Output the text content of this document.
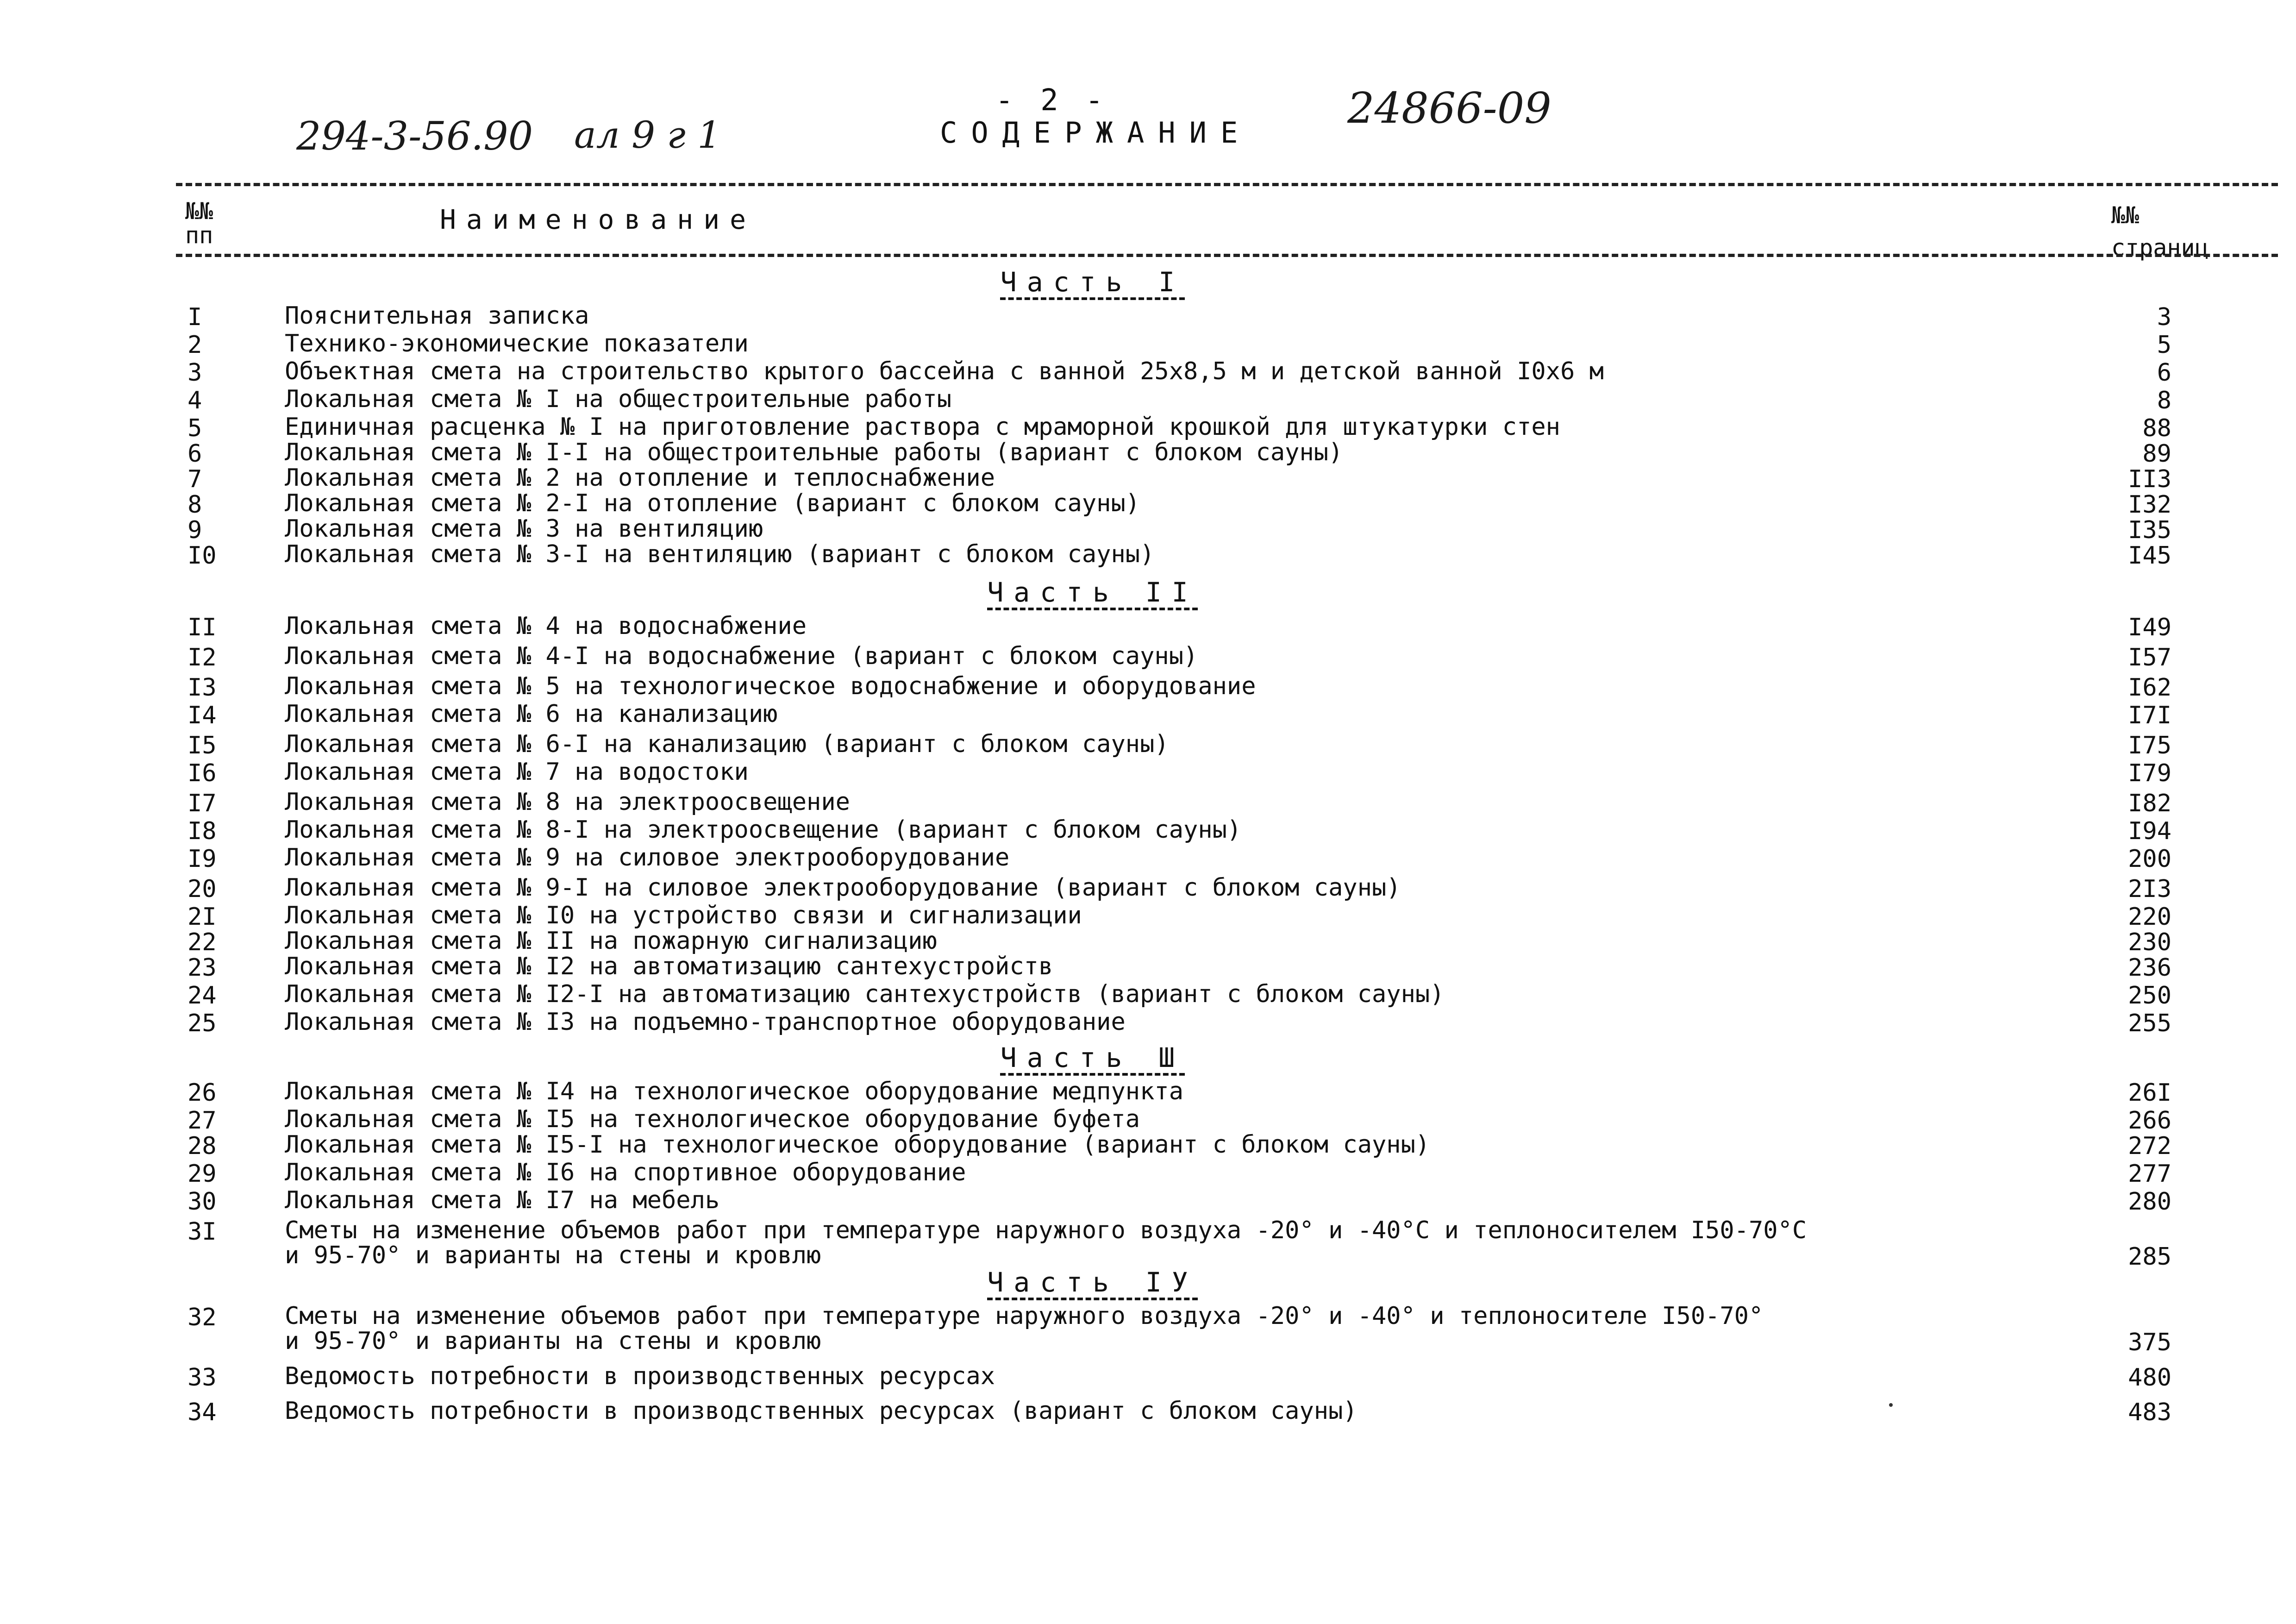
- 2 -
СОДЕРЖАНИЕ
294-3-56.90 ал 9 г 1
24866-09
№№
пп	Наименование	№№
страниц
Часть I
I	Пояснительная записка	3
2	Технико-экономические показатели	5
3	Объектная смета на строительство крытого бассейна с ванной 25х8,5 м и детской ванной I0х6 м	6
4	Локальная смета № I на общестроительные работы	8
5	Единичная расценка № I на приготовление раствора с мраморной крошкой для штукатурки стен	88
6	Локальная смета № I-I на общестроительные работы (вариант с блоком сауны)	89
7	Локальная смета № 2 на отопление и теплоснабжение	II3
8	Локальная смета № 2-I на отопление (вариант с блоком сауны)	I32
9	Локальная смета № 3 на вентиляцию	I35
I0	Локальная смета № 3-I на вентиляцию (вариант с блоком сауны)	I45
Часть II
II	Локальная смета № 4 на водоснабжение	I49
I2	Локальная смета № 4-I на водоснабжение (вариант с блоком сауны)	I57
I3	Локальная смета № 5 на технологическое водоснабжение и оборудование	I62
I4	Локальная смета № 6 на канализацию	I7I
I5	Локальная смета № 6-I на канализацию (вариант с блоком сауны)	I75
I6	Локальная смета № 7 на водостоки	I79
I7	Локальная смета № 8 на электроосвещение	I82
I8	Локальная смета № 8-I на электроосвещение (вариант с блоком сауны)	I94
I9	Локальная смета № 9 на силовое электрооборудование	200
20	Локальная смета № 9-I на силовое электрооборудование (вариант с блоком сауны)	2I3
2I	Локальная смета № I0 на устройство связи и сигнализации	220
22	Локальная смета № II на пожарную сигнализацию	230
23	Локальная смета № I2 на автоматизацию сантехустройств	236
24	Локальная смета № I2-I на автоматизацию сантехустройств (вариант с блоком сауны)	250
25	Локальная смета № I3 на подъемно-транспортное оборудование	255
Часть Ш
26	Локальная смета № I4 на технологическое оборудование медпункта	26I
27	Локальная смета № I5 на технологическое оборудование буфета	266
28	Локальная смета № I5-I на технологическое оборудование (вариант с блоком сауны)	272
29	Локальная смета № I6 на спортивное оборудование	277
30	Локальная смета № I7 на мебель	280
3I	Сметы на изменение объемов работ при температуре наружного воздуха -20° и -40°С и теплоносителем I50-70°С
и 95-70° и варианты на стены и кровлю	285
Часть IУ
32	Сметы на изменение объемов работ при температуре наружного воздуха -20° и -40° и теплоносителе I50-70°
и 95-70° и варианты на стены и кровлю	375
33	Ведомость потребности в производственных ресурсах	480
34	Ведомость потребности в производственных ресурсах (вариант с блоком сауны)	483
